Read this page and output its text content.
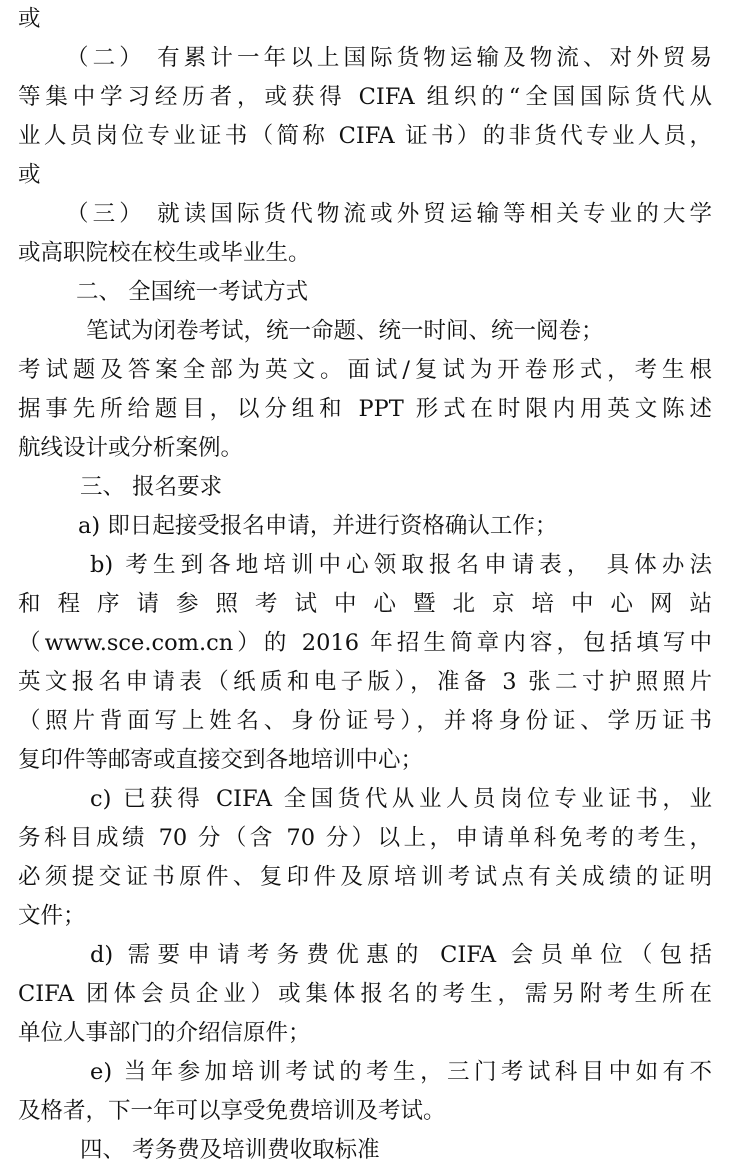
或
（二） 有累计一年以上国际货物运输及物流、对外贸易
等集中学习经历者，或获得 CIFA 组织的“全国国际货代从
业人员岗位专业证书（简称 CIFA 证书）的非货代专业人员，
或
（三） 就读国际货代物流或外贸运输等相关专业的大学
或高职院校在校生或毕业生。
二、 全国统一考试方式
笔试为闭卷考试，统一命题、统一时间、统一阅卷；
考试题及答案全部为英文。面试/复试为开卷形式，考生根
据事先所给题目，以分组和 PPT 形式在时限内用英文陈述
航线设计或分析案例。
三、 报名要求
a) 即日起接受报名申请，并进行资格确认工作；
b) 考生到各地培训中心领取报名申请表， 具体办法
和 程 序 请 参 照 考 试 中 心 暨 北 京 培 中 心 网 站
（www.sce.com.cn）的 2016 年招生简章内容，包括填写中
英文报名申请表（纸质和电子版），准备 3 张二寸护照照片
（照片背面写上姓名、身份证号），并将身份证、学历证书
复印件等邮寄或直接交到各地培训中心；
c) 已获得 CIFA 全国货代从业人员岗位专业证书，业
务科目成绩 70 分（含 70 分）以上，申请单科免考的考生，
必须提交证书原件、复印件及原培训考试点有关成绩的证明
文件；
d) 需要申请考务费优惠的 CIFA 会员单位（包括
CIFA 团体会员企业）或集体报名的考生，需另附考生所在
单位人事部门的介绍信原件；
e) 当年参加培训考试的考生，三门考试科目中如有不
及格者，下一年可以享受免费培训及考试。
四、 考务费及培训费收取标准
